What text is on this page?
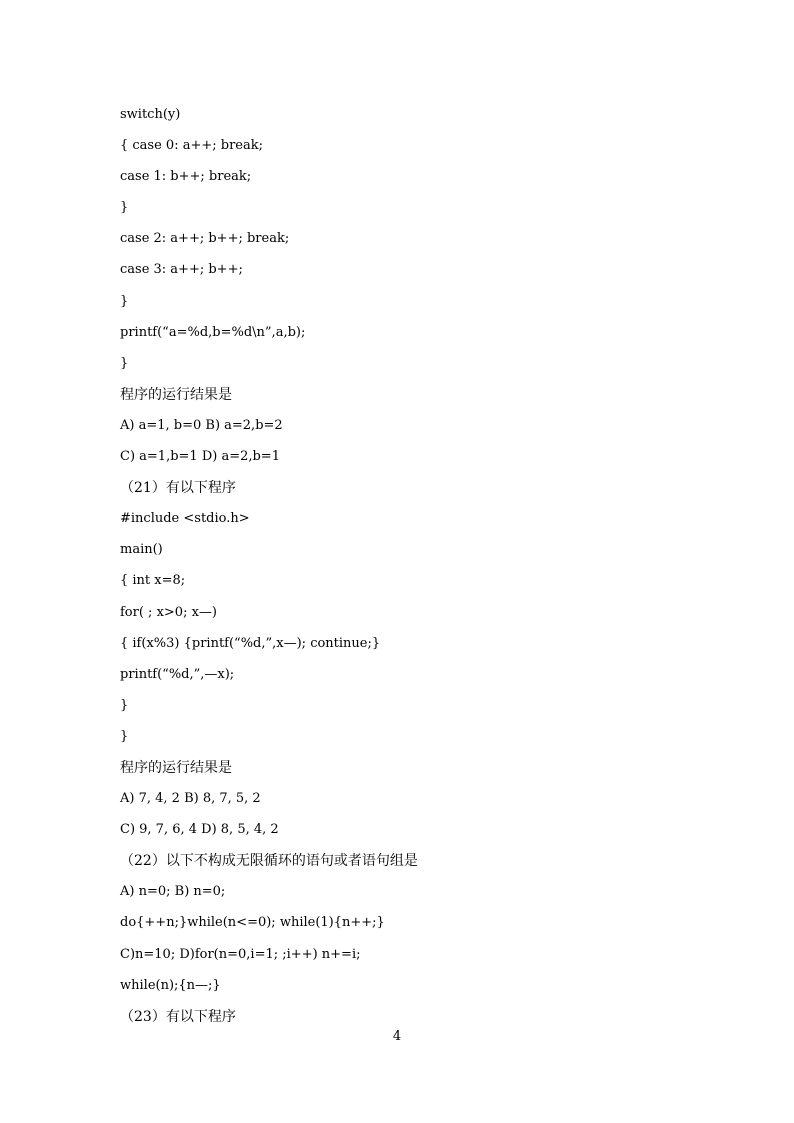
switch(y)
{ case 0: a++; break;
case 1: b++; break;
}
case 2: a++; b++; break;
case 3: a++; b++;
}
printf(“a=%d,b=%d\n”,a,b);
}
程序的运行结果是
A) a=1, b=0 B) a=2,b=2
C) a=1,b=1 D) a=2,b=1
（21）有以下程序
#include <stdio.h>
main()
{ int x=8;
for( ; x>0; x—)
{ if(x%3) {printf(“%d,”,x—); continue;}
printf(“%d,”,—x);
}
}
程序的运行结果是
A) 7, 4, 2 B) 8, 7, 5, 2
C) 9, 7, 6, 4 D) 8, 5, 4, 2
（22）以下不构成无限循环的语句或者语句组是
A) n=0; B) n=0;
do{++n;}while(n<=0); while(1){n++;}
C)n=10; D)for(n=0,i=1; ;i++) n+=i;
while(n);{n—;}
（23）有以下程序
4
